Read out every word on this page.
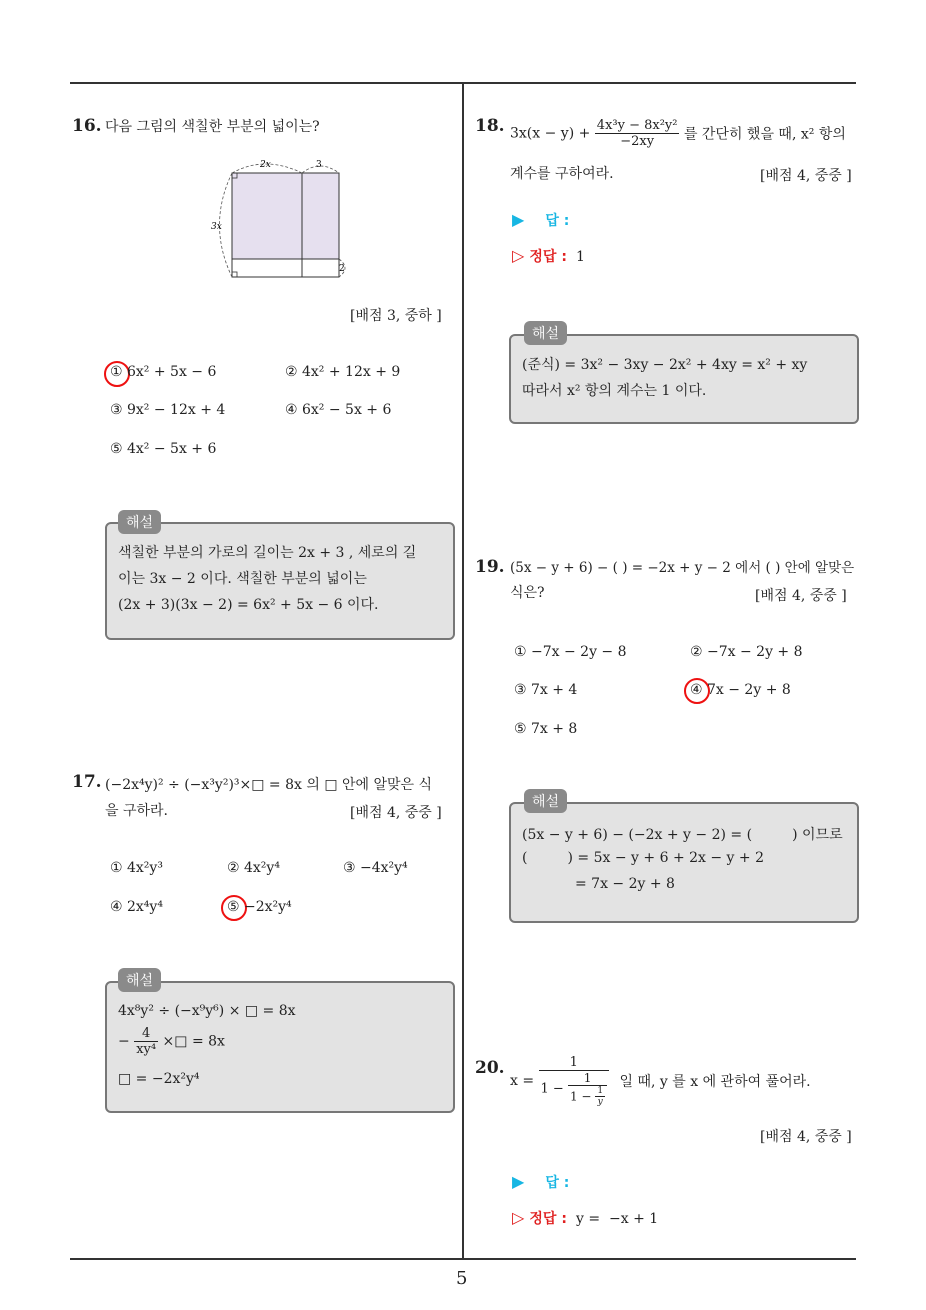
5
16. 다음 그림의 색칠한 부분의 넓이는?
2x	3
3x
2
[배점 3, 중하 ]
① 6x² + 5x − 6	② 4x² + 12x + 9
③ 9x² − 12x + 4	④ 6x² − 5x + 6
⑤ 4x² − 5x + 6
해설
색칠한 부분의 가로의 길이는 2x + 3 , 세로의 길
이는 3x − 2 이다. 색칠한 부분의 넓이는
(2x + 3)(3x − 2) = 6x² + 5x − 6 이다.
17. (−2x⁴y)² ÷ (−x³y²)³×□ = 8x 의 □ 안에 알맞은 식
을 구하라.	[배점 4, 중중 ]
① 4x²y³	② 4x²y⁴	③ −4x²y⁴
④ 2x⁴y⁴	⑤ −2x²y⁴
해설
4x⁸y² ÷ (−x⁹y⁶) × □ = 8x
− $\frac{4}{\text{xy⁴}}$ ×□ = 8x
□ = −2x²y⁴
18. $3x(x - y) + \frac{\text{4x³y − 8x²y²}}{-2xy}$ 를 간단히 했을 때, x² 항의
계수를 구하여라.	[배점 4, 중중 ]
▶ 답 :
▷ 정답 : 1
해설
(준식) = 3x² − 3xy − 2x² + 4xy = x² + xy
따라서 x² 항의 계수는 1 이다.
19. (5x − y + 6) − ( ) = −2x + y − 2 에서 ( ) 안에 알맞은
식은?	[배점 4, 중중 ]
① −7x − 2y − 8	② −7x − 2y + 8
③ 7x + 4	④ 7x − 2y + 8
⑤ 7x + 8
해설
(5x − y + 6) − (−2x + y − 2) = (         ) 이므로
(         ) = 5x − y + 6 + 2x − y + 2
= 7x − 2y + 8
20.
x =
1
$1 - \frac{1}{1 - \frac{1}{y}}$ 일 때, y 를 x 에 관하여 풀어라.
[배점 4, 중중 ]
▶ 답 :
▷ 정답 : y =  −x + 1
